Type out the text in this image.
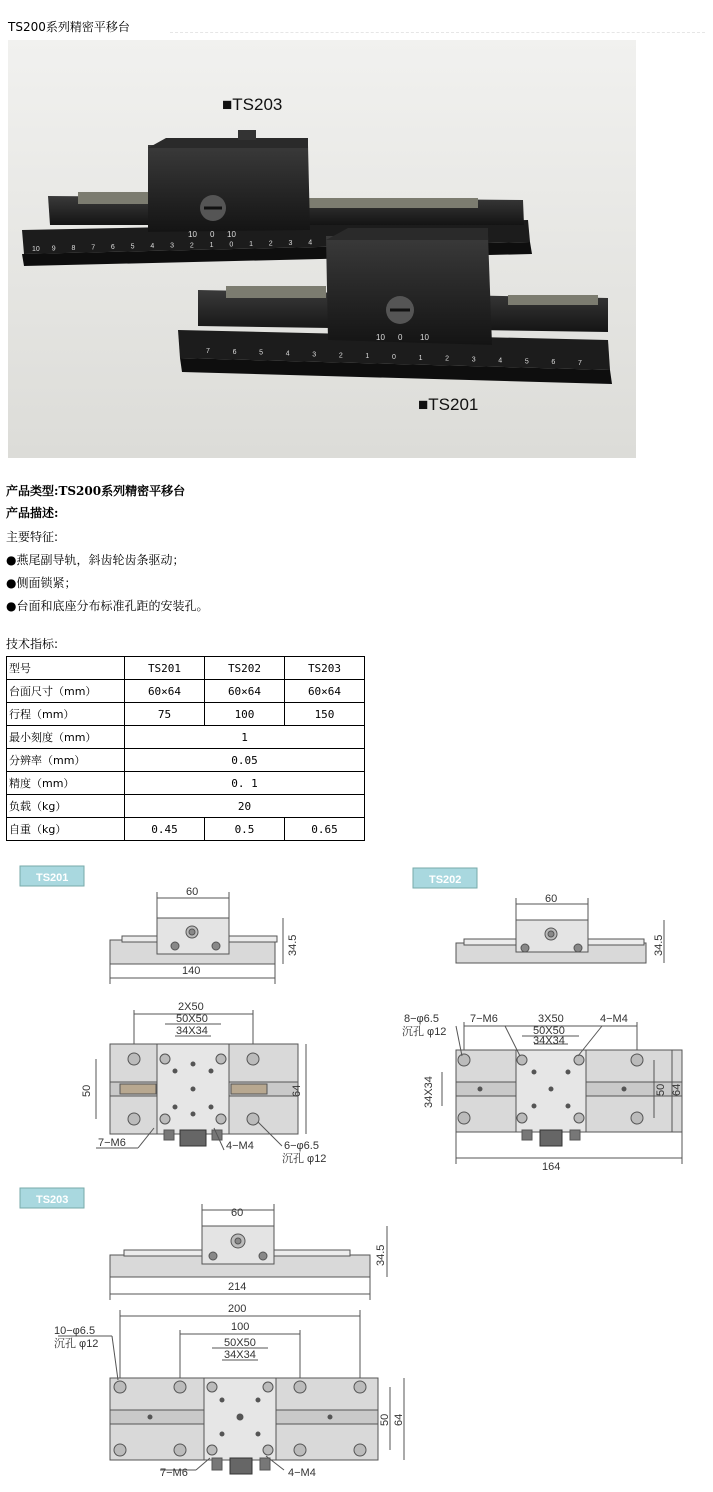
TS200系列精密平移台
10 9 8 7 6 5 4 3 2 1 0 1 2 3 4
7	6	5	4	3	2	1	0	1	2	3	4	5	6	7
■TS203
■TS201
10 0 10
10 0 10
产品类型:TS200系列精密平移台
产品描述:
主要特征:
●燕尾副导轨，斜齿轮齿条驱动；
●侧面锁紧；
●台面和底座分布标准孔距的安装孔。
技术指标:
型号	TS201	TS202	TS203
台面尺寸（mm）	60×64	60×64	60×64
行程（mm）	75	100	150
最小刻度（mm）	1		
分辨率（mm）	0.05		
精度（mm）	0. 1		
负载（kg）	20		
自重（kg）	0.45	0.5	0.65
TS201	TS202
TS203
60
140
34.5
2X50
50X50
34X34
50	64
7−M6	4−M4	6−φ6.5
沉孔 φ12
60
34.5
3X50
50X50
34X34
34X34	50 64
164
7−M6	4−M4
8−φ6.5
沉孔 φ12
60
214
34.5
200
100
50X50
34X34
50 64
10−φ6.5
沉孔 φ12
7−M6	4−M4
